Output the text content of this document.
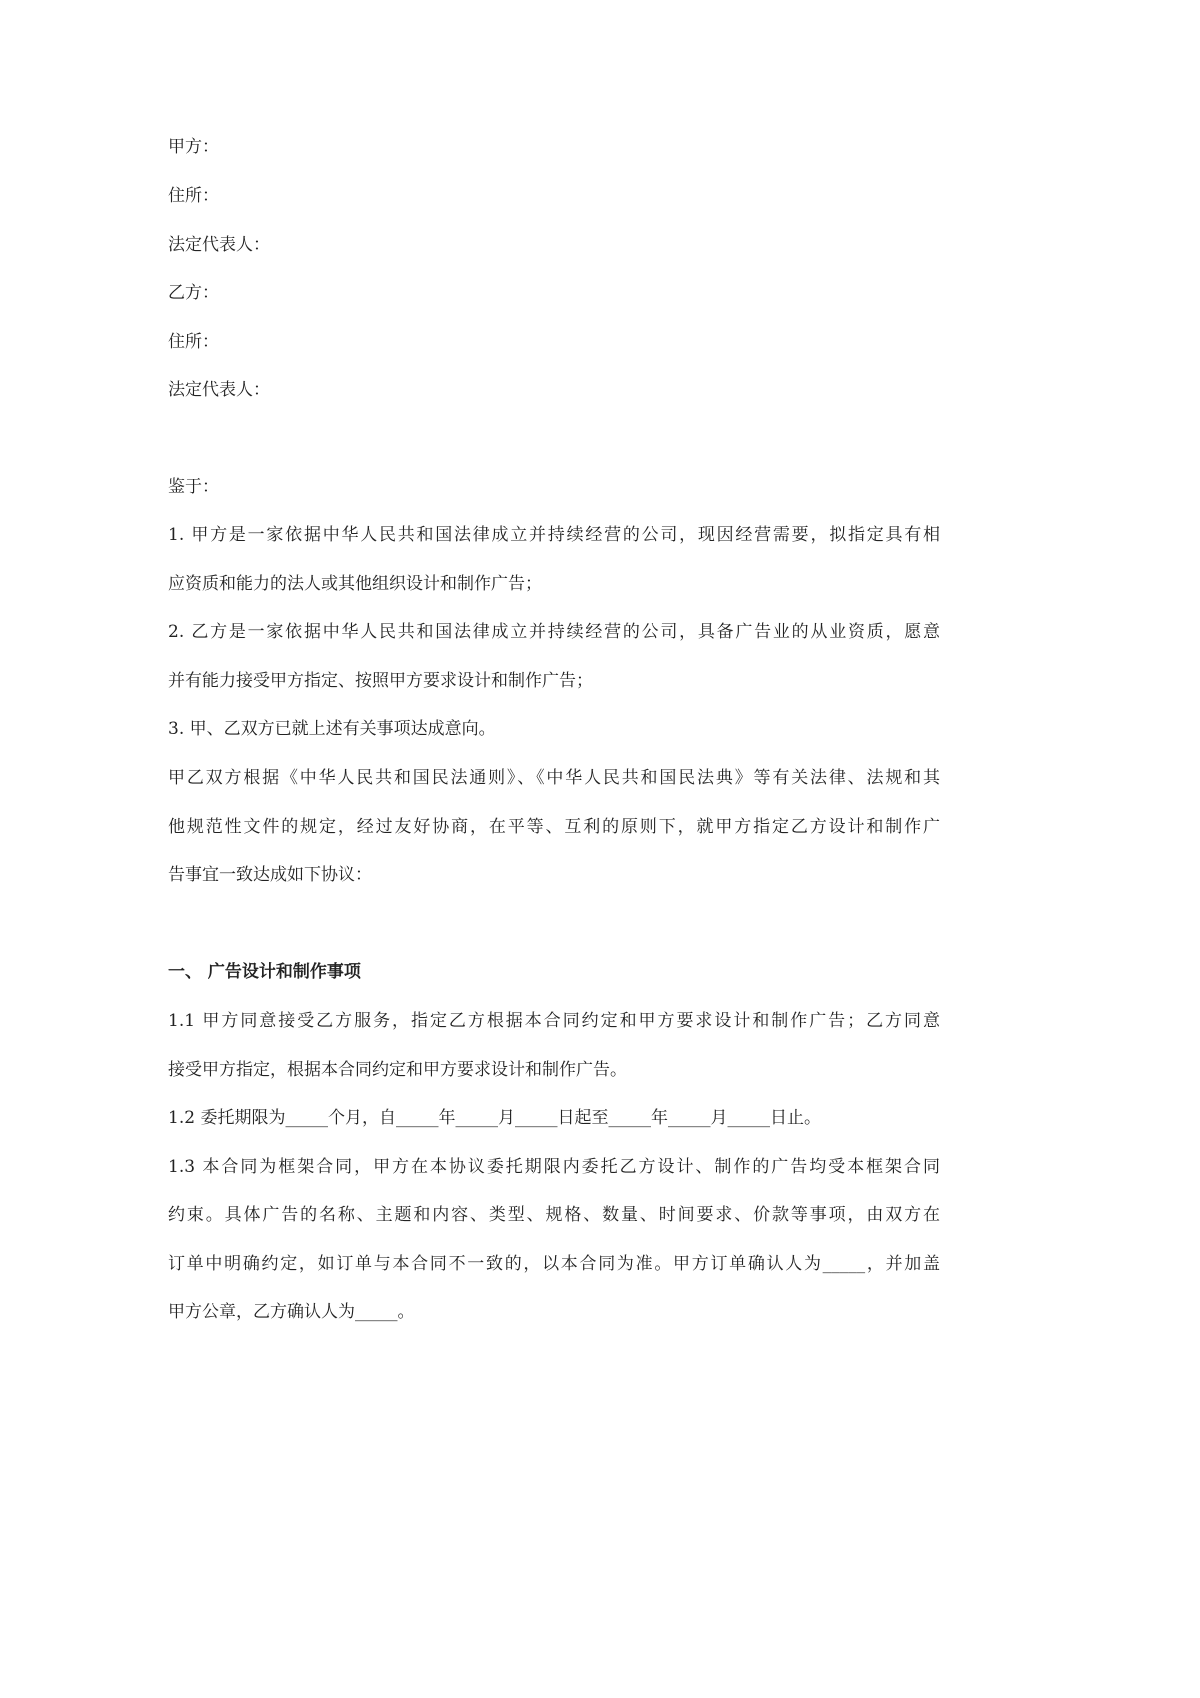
甲方：
住所：
法定代表人：
乙方：
住所：
法定代表人：
鉴于：
1. 甲方是一家依据中华人民共和国法律成立并持续经营的公司，现因经营需要，拟指定具有相
应资质和能力的法人或其他组织设计和制作广告；
2. 乙方是一家依据中华人民共和国法律成立并持续经营的公司，具备广告业的从业资质，愿意
并有能力接受甲方指定、按照甲方要求设计和制作广告；
3. 甲、乙双方已就上述有关事项达成意向。
甲乙双方根据《中华人民共和国民法通则》、《中华人民共和国民法典》等有关法律、法规和其
他规范性文件的规定，经过友好协商，在平等、互利的原则下，就甲方指定乙方设计和制作广
告事宜一致达成如下协议：
一、 广告设计和制作事项
1.1 甲方同意接受乙方服务，指定乙方根据本合同约定和甲方要求设计和制作广告；乙方同意
接受甲方指定，根据本合同约定和甲方要求设计和制作广告。
1.2 委托期限为_____个月，自_____年_____月_____日起至_____年_____月_____日止。
1.3 本合同为框架合同，甲方在本协议委托期限内委托乙方设计、制作的广告均受本框架合同
约束。具体广告的名称、主题和内容、类型、规格、数量、时间要求、价款等事项，由双方在
订单中明确约定，如订单与本合同不一致的，以本合同为准。甲方订单确认人为_____，并加盖
甲方公章，乙方确认人为_____。
